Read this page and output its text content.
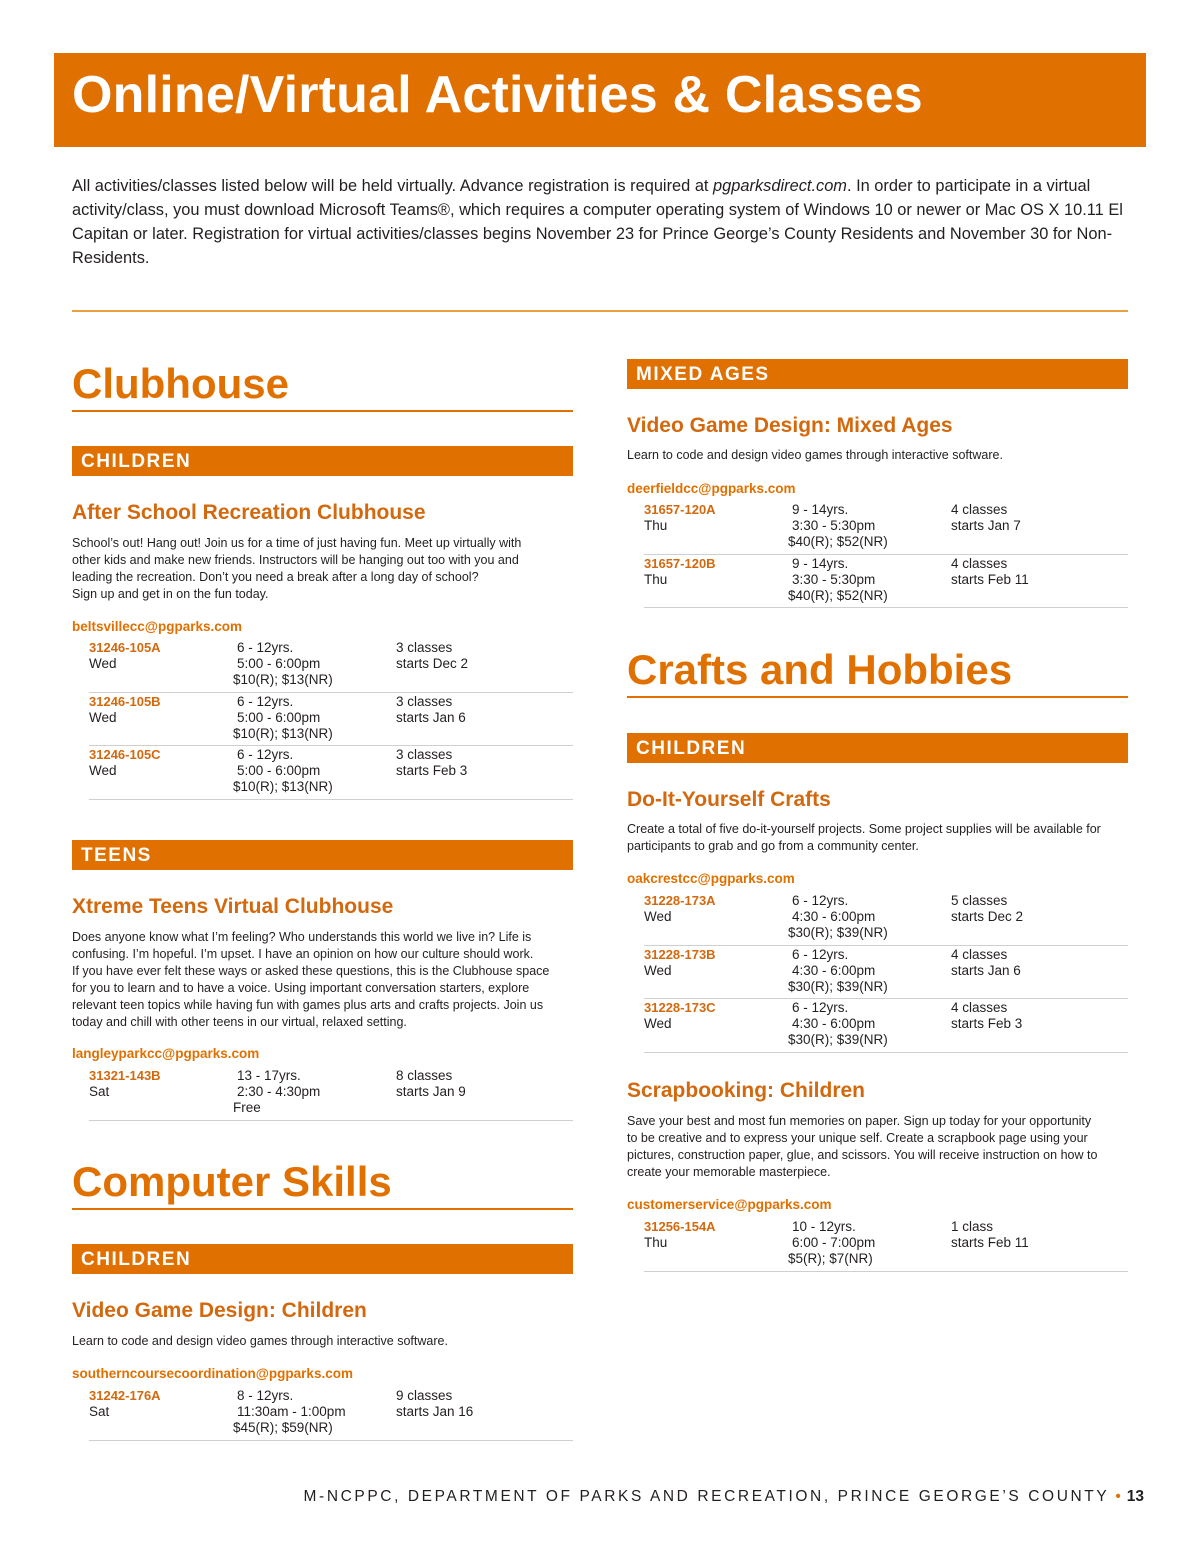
Online/Virtual Activities & Classes

All activities/classes listed below will be held virtually. Advance registration is required at pgparksdirect.com. In order to participate in a virtual activity/class, you must download Microsoft Teams®, which requires a computer operating system of Windows 10 or newer or Mac OS X 10.11 El Capitan or later. Registration for virtual activities/classes begins November 23 for Prince George’s County Residents and November 30 for Non-Residents.

Clubhouse
CHILDREN
After School Recreation Clubhouse
School’s out! Hang out! Join us for a time of just having fun. Meet up virtually with
other kids and make new friends. Instructors will be hanging out too with you and
leading the recreation. Don’t you need a break after a long day of school?
Sign up and get in on the fun today.
beltsvillecc@pgparks.com
31246-105A
Wed
6 - 12yrs.
5:00 - 6:00pm
$10(R); $13(NR)
3 classes
starts Dec 2
31246-105B
Wed
6 - 12yrs.
5:00 - 6:00pm
$10(R); $13(NR)
3 classes
starts Jan 6
31246-105C
Wed
6 - 12yrs.
5:00 - 6:00pm
$10(R); $13(NR)
3 classes
starts Feb 3
TEENS
Xtreme Teens Virtual Clubhouse
Does anyone know what I’m feeling? Who understands this world we live in? Life is
confusing. I’m hopeful. I’m upset. I have an opinion on how our culture should work.
If you have ever felt these ways or asked these questions, this is the Clubhouse space
for you to learn and to have a voice. Using important conversation starters, explore
relevant teen topics while having fun with games plus arts and crafts projects. Join us
today and chill with other teens in our virtual, relaxed setting.
langleyparkcc@pgparks.com
31321-143B
Sat
13 - 17yrs.
2:30 - 4:30pm
Free
8 classes
starts Jan 9
Computer Skills
CHILDREN
Video Game Design: Children
Learn to code and design video games through interactive software.
southerncoursecoordination@pgparks.com
31242-176A
Sat
8 - 12yrs.
11:30am - 1:00pm
$45(R); $59(NR)
9 classes
starts Jan 16
MIXED AGES
Video Game Design: Mixed Ages
Learn to code and design video games through interactive software.
deerfieldcc@pgparks.com
31657-120A
Thu
9 - 14yrs.
3:30 - 5:30pm
$40(R); $52(NR)
4 classes
starts Jan 7
31657-120B
Thu
9 - 14yrs.
3:30 - 5:30pm
$40(R); $52(NR)
4 classes
starts Feb 11
Crafts and Hobbies
CHILDREN
Do-It-Yourself Crafts
Create a total of five do-it-yourself projects. Some project supplies will be available for
participants to grab and go from a community center.
oakcrestcc@pgparks.com
31228-173A
Wed
6 - 12yrs.
4:30 - 6:00pm
$30(R); $39(NR)
5 classes
starts Dec 2
31228-173B
Wed
6 - 12yrs.
4:30 - 6:00pm
$30(R); $39(NR)
4 classes
starts Jan 6
31228-173C
Wed
6 - 12yrs.
4:30 - 6:00pm
$30(R); $39(NR)
4 classes
starts Feb 3
Scrapbooking: Children
Save your best and most fun memories on paper. Sign up today for your opportunity
to be creative and to express your unique self. Create a scrapbook page using your
pictures, construction paper, glue, and scissors. You will receive instruction on how to
create your memorable masterpiece.
customerservice@pgparks.com
31256-154A
Thu
10 - 12yrs.
6:00 - 7:00pm
$5(R); $7(NR)
1 class
starts Feb 11
M-NCPPC, DEPARTMENT OF PARKS AND RECREATION, PRINCE GEORGE’S COUNTY • 13
